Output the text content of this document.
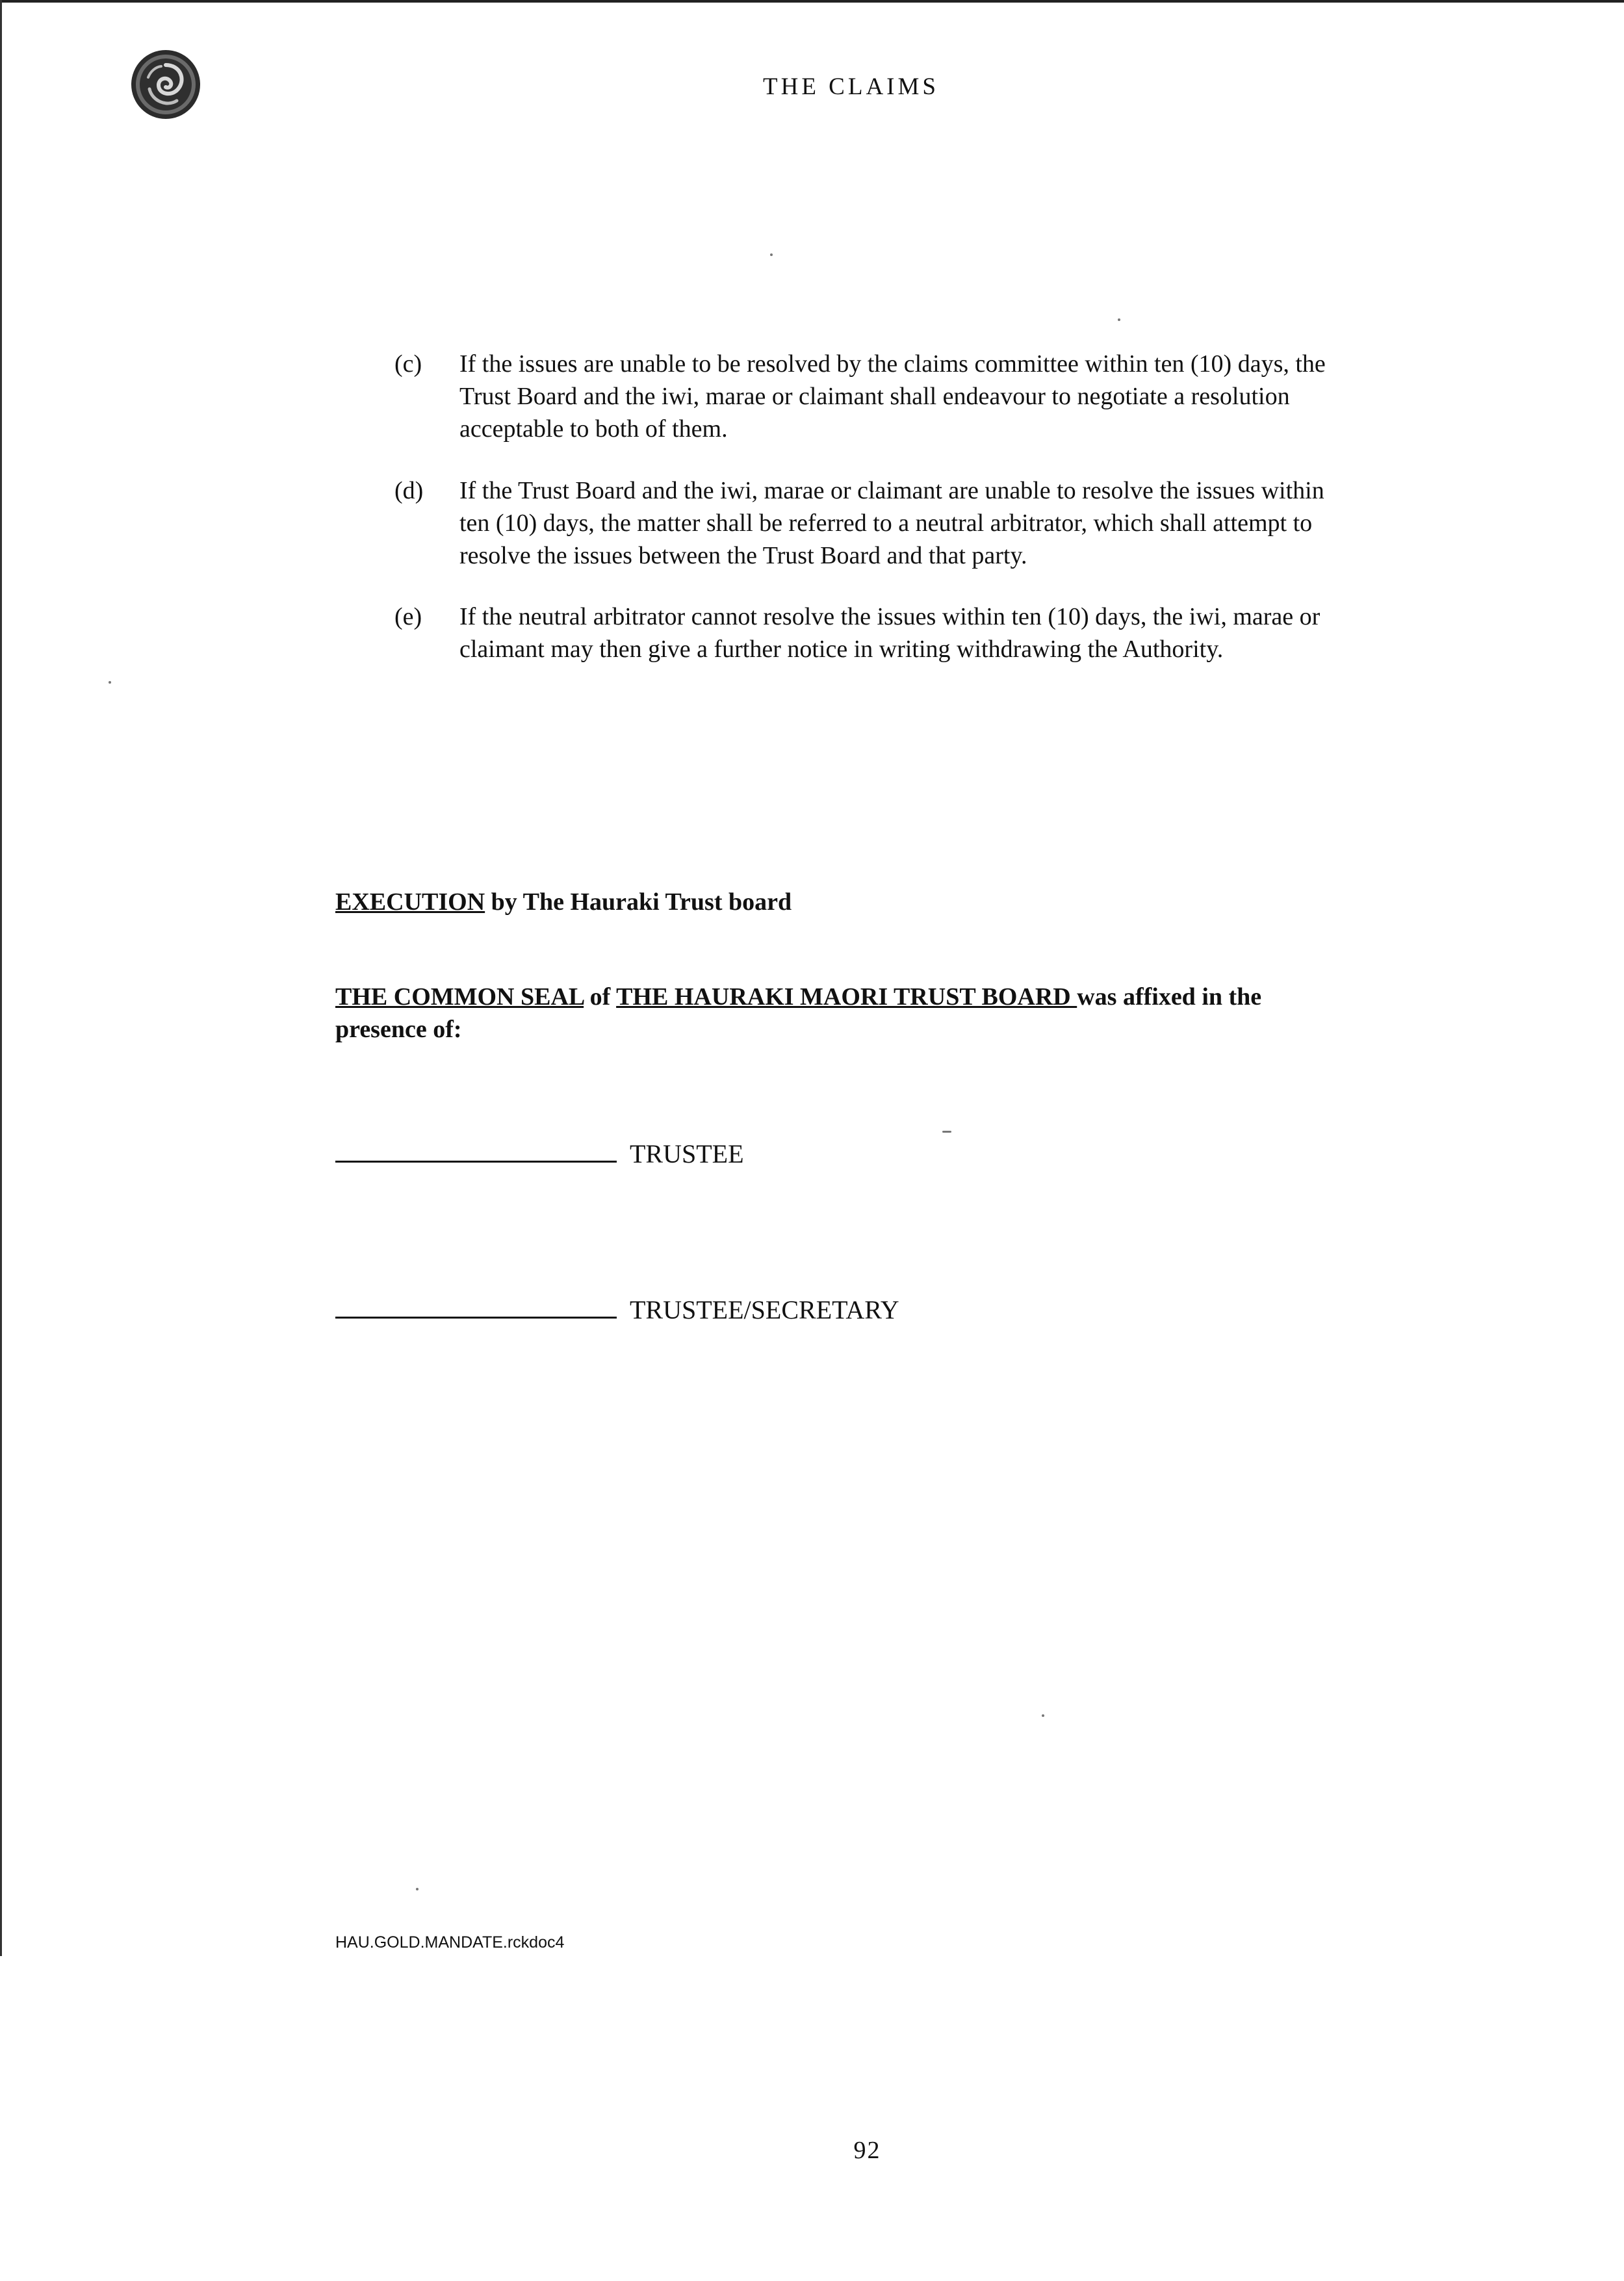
THE CLAIMS
(c) If the issues are unable to be resolved by the claims committee within ten (10) days, the Trust Board and the iwi, marae or claimant shall endeavour to negotiate a resolution acceptable to both of them.
(d) If the Trust Board and the iwi, marae or claimant are unable to resolve the issues within ten (10) days, the matter shall be referred to a neutral arbitrator, which shall attempt to resolve the issues between the Trust Board and that party.
(e) If the neutral arbitrator cannot resolve the issues within ten (10) days, the iwi, marae or claimant may then give a further notice in writing withdrawing the Authority.
EXECUTION by The Hauraki Trust board
THE COMMON SEAL of THE HAURAKI MAORI TRUST BOARD was affixed in the presence of:
TRUSTEE
TRUSTEE/SECRETARY
HAU.GOLD.MANDATE.rckdoc4
92
